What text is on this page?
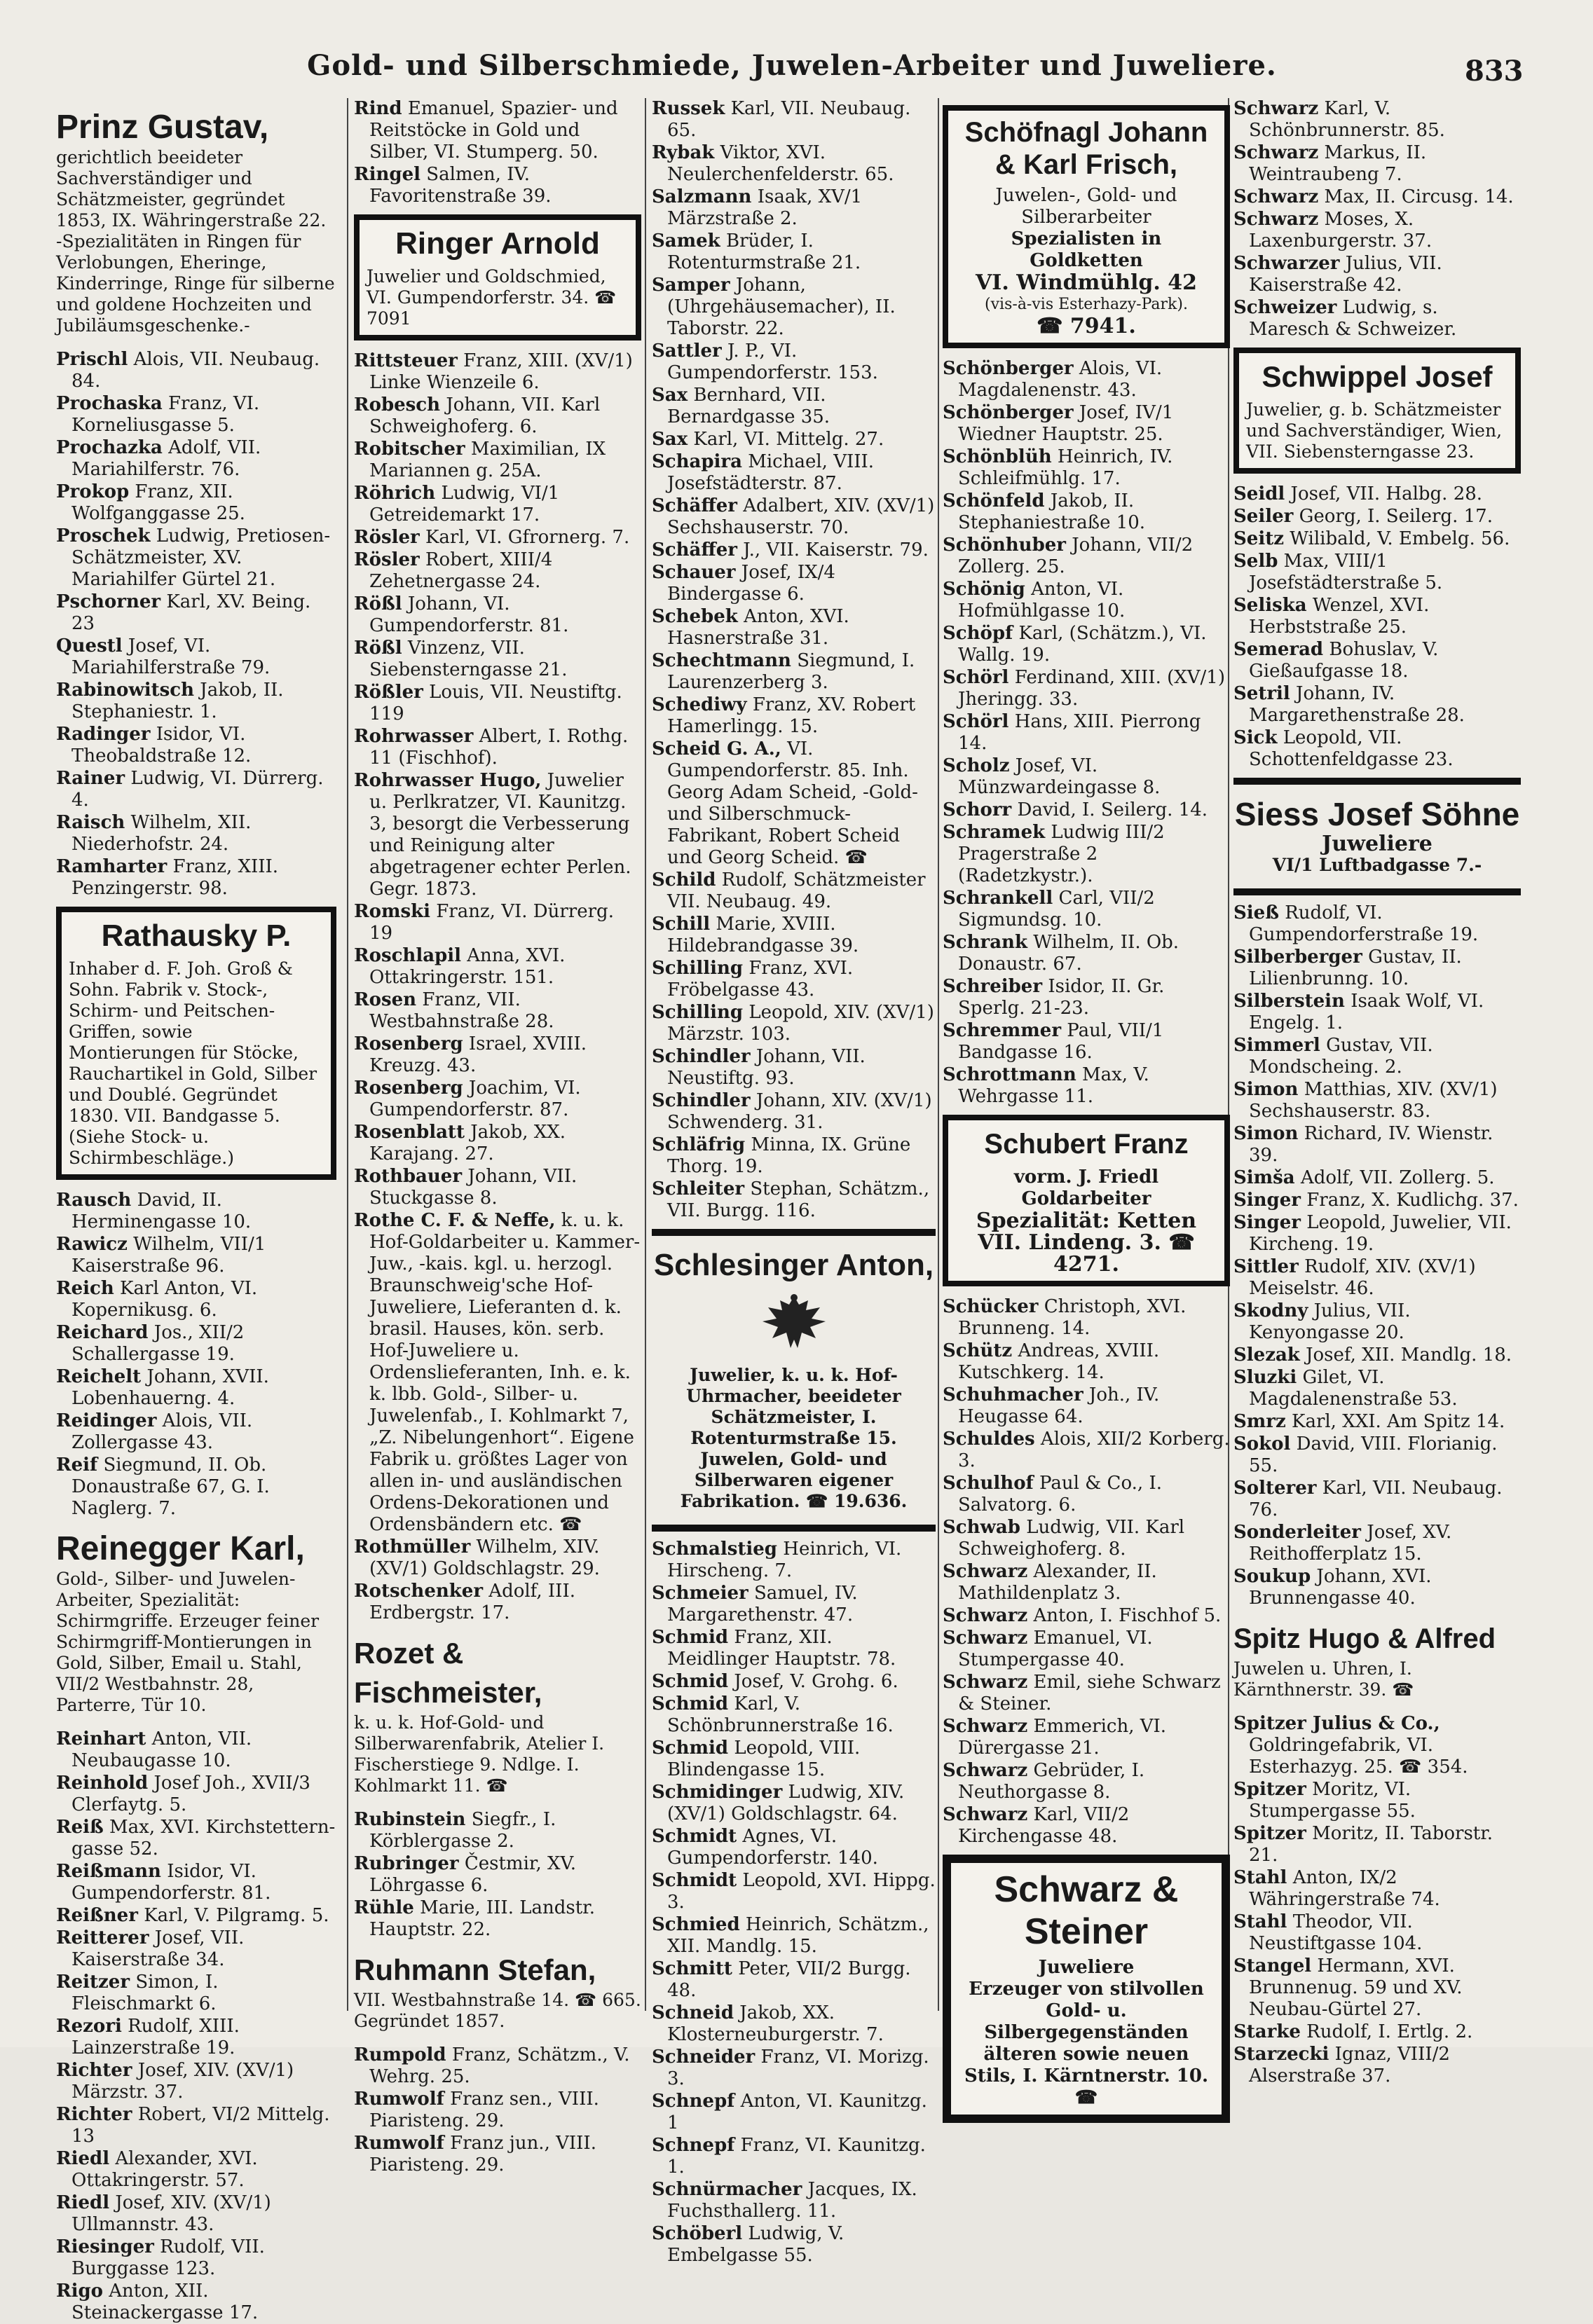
Gold- und Silberschmiede, Juwelen-Arbeiter und Juweliere.	833
Prinz Gustav,
gerichtlich beeideter Sachverständiger und Schätzmeister, gegründet 1853, IX. Währingerstraße 22. -Spezialitäten in Ringen für Verlobungen, Eheringe, Kinderringe, Ringe für silberne und goldene Hochzeiten und Jubiläumsgeschenke.-
Prischl Alois, VII. Neubaug. 84.
Prochaska Franz, VI. Korneliusgasse 5.
Prochazka Adolf, VII. Mariahilferstr. 76.
Prokop Franz, XII. Wolfganggasse 25.
Proschek Ludwig, Pretiosen-Schätzmeister, XV. Mariahilfer Gürtel 21.
Pschorner Karl, XV. Being. 23
Questl Josef, VI. Mariahilferstraße 79.
Rabinowitsch Jakob, II. Stephaniestr. 1.
Radinger Isidor, VI. Theobaldstraße 12.
Rainer Ludwig, VI. Dürrerg. 4.
Raisch Wilhelm, XII. Niederhofstr. 24.
Ramharter Franz, XIII. Penzingerstr. 98.
Rathausky P.
Inhaber d. F. Joh. Groß & Sohn. Fabrik v. Stock-, Schirm- und Peitschen-Griffen, sowie Montierungen für Stöcke, Rauchartikel in Gold, Silber und Doublé. Gegründet 1830. VII. Bandgasse 5. (Siehe Stock- u. Schirmbeschläge.)
Rausch David, II. Herminengasse 10.
Rawicz Wilhelm, VII/1 Kaiserstraße 96.
Reich Karl Anton, VI. Kopernikusg. 6.
Reichard Jos., XII/2 Schallergasse 19.
Reichelt Johann, XVII. Lobenhauerng. 4.
Reidinger Alois, VII. Zollergasse 43.
Reif Siegmund, II. Ob. Donaustraße 67, G. I. Naglerg. 7.
Reinegger Karl,
Gold-, Silber- und Juwelen-Arbeiter, Spezialität: Schirmgriffe. Erzeuger feiner Schirmgriff-Montierungen in Gold, Silber, Email u. Stahl, VII/2 Westbahnstr. 28, Parterre, Tür 10.
Reinhart Anton, VII. Neubaugasse 10.
Reinhold Josef Joh., XVII/3 Clerfaytg. 5.
Reiß Max, XVI. Kirchstettern-gasse 52.
Reißmann Isidor, VI. Gumpendorferstr. 81.
Reißner Karl, V. Pilgramg. 5.
Reitterer Josef, VII. Kaiserstraße 34.
Reitzer Simon, I. Fleischmarkt 6.
Rezori Rudolf, XIII. Lainzerstraße 19.
Richter Josef, XIV. (XV/1) Märzstr. 37.
Richter Robert, VI/2 Mittelg. 13
Riedl Alexander, XVI. Ottakringerstr. 57.
Riedl Josef, XIV. (XV/1) Ullmannstr. 43.
Riesinger Rudolf, VII. Burggasse 123.
Rigo Anton, XII. Steinackergasse 17.
Rind Emanuel, Spazier- und Reitstöcke in Gold und Silber, VI. Stumperg. 50.
Ringel Salmen, IV. Favoritenstraße 39.
Ringer Arnold
Juwelier und Goldschmied, VI. Gumpendorferstr. 34. ☎ 7091
Rittsteuer Franz, XIII. (XV/1) Linke Wienzeile 6.
Robesch Johann, VII. Karl Schweighoferg. 6.
Robitscher Maximilian, IX Mariannen g. 25A.
Röhrich Ludwig, VI/1 Getreidemarkt 17.
Rösler Karl, VI. Gfrornerg. 7.
Rösler Robert, XIII/4 Zehetnergasse 24.
Rößl Johann, VI. Gumpendorferstr. 81.
Rößl Vinzenz, VII. Siebensterngasse 21.
Rößler Louis, VII. Neustiftg. 119
Rohrwasser Albert, I. Rothg. 11 (Fischhof).
Rohrwasser Hugo, Juwelier u. Perlkratzer, VI. Kaunitzg. 3, besorgt die Verbesserung und Reinigung alter abgetragener echter Perlen. Gegr. 1873.
Romski Franz, VI. Dürrerg. 19
Roschlapil Anna, XVI. Ottakringerstr. 151.
Rosen Franz, VII. Westbahnstraße 28.
Rosenberg Israel, XVIII. Kreuzg. 43.
Rosenberg Joachim, VI. Gumpendorferstr. 87.
Rosenblatt Jakob, XX. Karajang. 27.
Rothbauer Johann, VII. Stuckgasse 8.
Rothe C. F. & Neffe, k. u. k. Hof-Goldarbeiter u. Kammer-Juw., -kais. kgl. u. herzogl. Braunschweig'sche Hof-Juweliere, Lieferanten d. k. brasil. Hauses, kön. serb. Hof-Juweliere u. Ordenslieferanten, Inh. e. k. k. lbb. Gold-, Silber- u. Juwelenfab., I. Kohlmarkt 7, „Z. Nibelungenhort“. Eigene Fabrik u. größtes Lager von allen in- und ausländischen Ordens-Dekorationen und Ordensbändern etc. ☎
Rothmüller Wilhelm, XIV. (XV/1) Goldschlagstr. 29.
Rotschenker Adolf, III. Erdbergstr. 17.
Rozet & Fischmeister,
k. u. k. Hof-Gold- und Silberwarenfabrik, Atelier I. Fischerstiege 9. Ndlge. I. Kohlmarkt 11. ☎
Rubinstein Siegfr., I. Körblergasse 2.
Rubringer Čestmir, XV. Löhrgasse 6.
Rühle Marie, III. Landstr. Hauptstr. 22.
Ruhmann Stefan,
VII. Westbahnstraße 14. ☎ 665. Gegründet 1857.
Rumpold Franz, Schätzm., V. Wehrg. 25.
Rumwolf Franz sen., VIII. Piaristeng. 29.
Rumwolf Franz jun., VIII. Piaristeng. 29.
Russek Karl, VII. Neubaug. 65.
Rybak Viktor, XVI. Neulerchenfelderstr. 65.
Salzmann Isaak, XV/1 Märzstraße 2.
Samek Brüder, I. Rotenturmstraße 21.
Samper Johann, (Uhrgehäusemacher), II. Taborstr. 22.
Sattler J. P., VI. Gumpendorferstr. 153.
Sax Bernhard, VII. Bernardgasse 35.
Sax Karl, VI. Mittelg. 27.
Schapira Michael, VIII. Josefstädterstr. 87.
Schäffer Adalbert, XIV. (XV/1) Sechshauserstr. 70.
Schäffer J., VII. Kaiserstr. 79.
Schauer Josef, IX/4 Bindergasse 6.
Schebek Anton, XVI. Hasnerstraße 31.
Schechtmann Siegmund, I. Laurenzerberg 3.
Schediwy Franz, XV. Robert Hamerlingg. 15.
Scheid G. A., VI. Gumpendorferstr. 85. Inh. Georg Adam Scheid, -Gold- und Silberschmuck-Fabrikant, Robert Scheid und Georg Scheid. ☎
Schild Rudolf, Schätzmeister VII. Neubaug. 49.
Schill Marie, XVIII. Hildebrandgasse 39.
Schilling Franz, XVI. Fröbelgasse 43.
Schilling Leopold, XIV. (XV/1) Märzstr. 103.
Schindler Johann, VII. Neustiftg. 93.
Schindler Johann, XIV. (XV/1) Schwenderg. 31.
Schläfrig Minna, IX. Grüne Thorg. 19.
Schleiter Stephan, Schätzm., VII. Burgg. 116.
Schlesinger Anton,
Juwelier, k. u. k. Hof-Uhrmacher, beeideter Schätzmeister, I. Rotenturmstraße 15. Juwelen, Gold- und Silberwaren eigener Fabrikation. ☎ 19.636.
Schmalstieg Heinrich, VI. Hirscheng. 7.
Schmeier Samuel, IV. Margarethenstr. 47.
Schmid Franz, XII. Meidlinger Hauptstr. 78.
Schmid Josef, V. Grohg. 6.
Schmid Karl, V. Schönbrunnerstraße 16.
Schmid Leopold, VIII. Blindengasse 15.
Schmidinger Ludwig, XIV. (XV/1) Goldschlagstr. 64.
Schmidt Agnes, VI. Gumpendorferstr. 140.
Schmidt Leopold, XVI. Hippg. 3.
Schmied Heinrich, Schätzm., XII. Mandlg. 15.
Schmitt Peter, VII/2 Burgg. 48.
Schneid Jakob, XX. Klosterneuburgerstr. 7.
Schneider Franz, VI. Morizg. 3.
Schnepf Anton, VI. Kaunitzg. 1
Schnepf Franz, VI. Kaunitzg. 1.
Schnürmacher Jacques, IX. Fuchsthallerg. 11.
Schöberl Ludwig, V. Embelgasse 55.
Schöfnagl Johann & Karl Frisch,
Juwelen-, Gold- und Silberarbeiter
Spezialisten in Goldketten
VI. Windmühlg. 42
(vis-à-vis Esterhazy-Park).
☎ 7941.
Schönberger Alois, VI. Magdalenenstr. 43.
Schönberger Josef, IV/1 Wiedner Hauptstr. 25.
Schönblüh Heinrich, IV. Schleifmühlg. 17.
Schönfeld Jakob, II. Stephaniestraße 10.
Schönhuber Johann, VII/2 Zollerg. 25.
Schönig Anton, VI. Hofmühlgasse 10.
Schöpf Karl, (Schätzm.), VI. Wallg. 19.
Schörl Ferdinand, XIII. (XV/1) Jheringg. 33.
Schörl Hans, XIII. Pierrong 14.
Scholz Josef, VI. Münzwardeingasse 8.
Schorr David, I. Seilerg. 14.
Schramek Ludwig III/2 Pragerstraße 2 (Radetzkystr.).
Schrankell Carl, VII/2 Sigmundsg. 10.
Schrank Wilhelm, II. Ob. Donaustr. 67.
Schreiber Isidor, II. Gr. Sperlg. 21-23.
Schremmer Paul, VII/1 Bandgasse 16.
Schrottmann Max, V. Wehrgasse 11.
Schubert Franz
vorm. J. Friedl
Goldarbeiter
Spezialität: Ketten
VII. Lindeng. 3. ☎ 4271.
Schücker Christoph, XVI. Brunneng. 14.
Schütz Andreas, XVIII. Kutschkerg. 14.
Schuhmacher Joh., IV. Heugasse 64.
Schuldes Alois, XII/2 Korberg. 3.
Schulhof Paul & Co., I. Salvatorg. 6.
Schwab Ludwig, VII. Karl Schweighoferg. 8.
Schwarz Alexander, II. Mathildenplatz 3.
Schwarz Anton, I. Fischhof 5.
Schwarz Emanuel, VI. Stumpergasse 40.
Schwarz Emil, siehe Schwarz & Steiner.
Schwarz Emmerich, VI. Dürergasse 21.
Schwarz Gebrüder, I. Neuthorgasse 8.
Schwarz Karl, VII/2 Kirchengasse 48.
Schwarz & Steiner
Juweliere
Erzeuger von stilvollen Gold- u. Silbergegenständen älteren sowie neuen Stils, I. Kärntnerstr. 10. ☎
Schwarz Karl, V. Schönbrunnerstr. 85.
Schwarz Markus, II. Weintraubeng 7.
Schwarz Max, II. Circusg. 14.
Schwarz Moses, X. Laxenburgerstr. 37.
Schwarzer Julius, VII. Kaiserstraße 42.
Schweizer Ludwig, s. Maresch & Schweizer.
Schwippel Josef
Juwelier, g. b. Schätzmeister und Sachverständiger, Wien, VII. Siebensterngasse 23.
Seidl Josef, VII. Halbg. 28.
Seiler Georg, I. Seilerg. 17.
Seitz Wilibald, V. Embelg. 56.
Selb Max, VIII/1 Josefstädterstraße 5.
Seliska Wenzel, XVI. Herbststraße 25.
Semerad Bohuslav, V. Gießaufgasse 18.
Setril Johann, IV. Margarethenstraße 28.
Sick Leopold, VII. Schottenfeldgasse 23.
Siess Josef Söhne
Juweliere
VI/1 Luftbadgasse 7.-
Sieß Rudolf, VI. Gumpendorferstraße 19.
Silberberger Gustav, II. Lilienbrunng. 10.
Silberstein Isaak Wolf, VI. Engelg. 1.
Simmerl Gustav, VII. Mondscheing. 2.
Simon Matthias, XIV. (XV/1) Sechshauserstr. 83.
Simon Richard, IV. Wienstr. 39.
Simša Adolf, VII. Zollerg. 5.
Singer Franz, X. Kudlichg. 37.
Singer Leopold, Juwelier, VII. Kircheng. 19.
Sittler Rudolf, XIV. (XV/1) Meiselstr. 46.
Skodny Julius, VII. Kenyongasse 20.
Slezak Josef, XII. Mandlg. 18.
Sluzki Gilet, VI. Magdalenenstraße 53.
Smrz Karl, XXI. Am Spitz 14.
Sokol David, VIII. Florianig. 55.
Solterer Karl, VII. Neubaug. 76.
Sonderleiter Josef, XV. Reithofferplatz 15.
Soukup Johann, XVI. Brunnengasse 40.
Spitz Hugo & Alfred
Juwelen u. Uhren, I. Kärnthnerstr. 39. ☎
Spitzer Julius & Co., Goldringefabrik, VI. Esterhazyg. 25. ☎ 354.
Spitzer Moritz, VI. Stumpergasse 55.
Spitzer Moritz, II. Taborstr. 21.
Stahl Anton, IX/2 Währingerstraße 74.
Stahl Theodor, VII. Neustiftgasse 104.
Stangel Hermann, XVI. Brunnenug. 59 und XV. Neubau-Gürtel 27.
Starke Rudolf, I. Ertlg. 2.
Starzecki Ignaz, VIII/2 Alserstraße 37.
